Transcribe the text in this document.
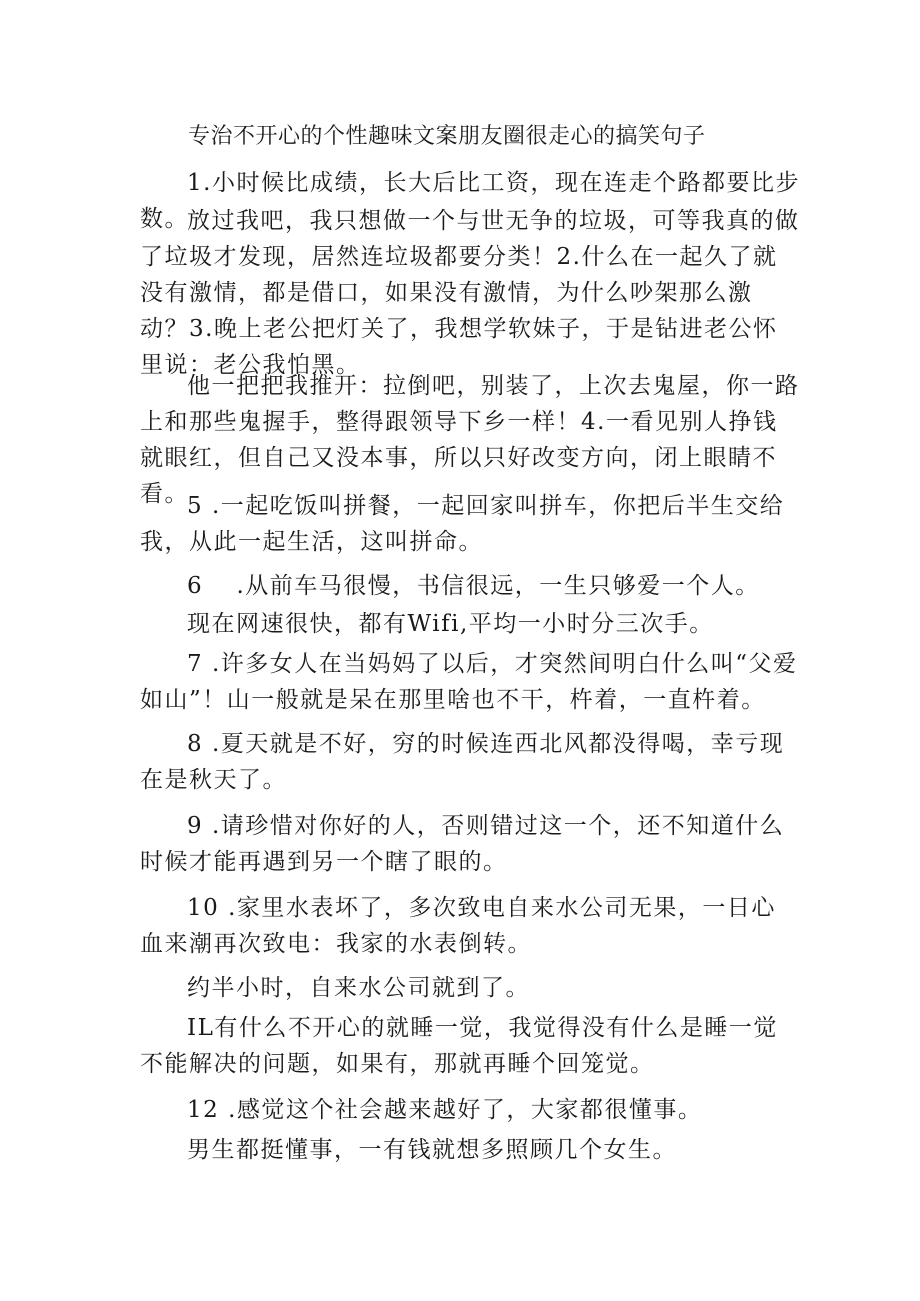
专治不开心的个性趣味文案朋友圈很走心的搞笑句子

1.小时候比成绩，长大后比工资，现在连走个路都要比步数。

放过我吧，我只想做一个与世无争的垃圾，可等我真的做了垃圾才发现，居然连垃圾都要分类！2.什么在一起久了就没有激情，都是借口，如果没有激情，为什么吵架那么激动？3.晚上老公把灯关了，我想学软妹子，于是钻进老公怀里说：老公我怕黑。

他一把把我推开：拉倒吧，别装了，上次去鬼屋，你一路上和那些鬼握手，整得跟领导下乡一样！4.一看见别人挣钱就眼红，但自己又没本事，所以只好改变方向，闭上眼睛不看。

5 .一起吃饭叫拼餐，一起回家叫拼车，你把后半生交给我，从此一起生活，这叫拼命。

6　 .从前车马很慢，书信很远，一生只够爱一个人。

现在网速很快，都有Wifi,平均一小时分三次手。

7 .许多女人在当妈妈了以后，才突然间明白什么叫“父爱如山”！山一般就是呆在那里啥也不干，杵着，一直杵着。

8 .夏天就是不好，穷的时候连西北风都没得喝，幸亏现在是秋天了。

9 .请珍惜对你好的人，否则错过这一个，还不知道什么时候才能再遇到另一个瞎了眼的。

10 .家里水表坏了，多次致电自来水公司无果，一日心血来潮再次致电：我家的水表倒转。

约半小时，自来水公司就到了。

IL有什么不开心的就睡一觉，我觉得没有什么是睡一觉不能解决的问题，如果有，那就再睡个回笼觉。

12 .感觉这个社会越来越好了，大家都很懂事。

男生都挺懂事，一有钱就想多照顾几个女生。
